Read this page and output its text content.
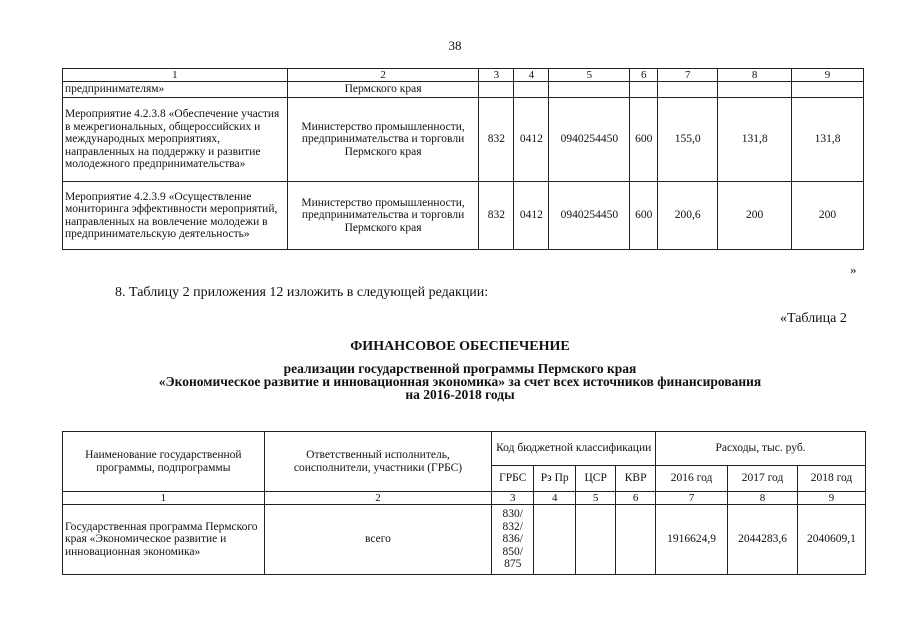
38
1	2	3	4	5	6	7	8	9
предпринимателям»	Пермского края							
Мероприятие 4.2.3.8 «Обеспечение участия в межрегиональных, общероссийских и международных мероприятиях, направленных на поддержку и развитие молодежного предпринимательства»	Министерство промышленности, предпринимательства и торговли Пермского края	832	0412	0940254450	600	155,0	131,8	131,8
Мероприятие 4.2.3.9 «Осуществление мониторинга эффективности мероприятий, направленных на вовлечение молодежи в предпринимательскую деятельность»	Министерство промышленности, предпринимательства и торговли Пермского края	832	0412	0940254450	600	200,6	200	200
»
8. Таблицу 2 приложения 12 изложить в следующей редакции:
«Таблица 2
ФИНАНСОВОЕ ОБЕСПЕЧЕНИЕ
реализации государственной программы Пермского края
«Экономическое развитие и инновационная экономика» за счет всех источников финансирования
на 2016-2018 годы
Наименование государственной программы, подпрограммы	Ответственный исполнитель, соисполнители, участники (ГРБС)	Код бюджетной классификации				Расходы, тыс. руб.		
		ГРБС	Рз Пр	ЦСР	КВР	2016 год	2017 год	2018 год
1	2	3	4	5	6	7	8	9
Государственная программа Пермского края «Экономическое развитие и инновационная экономика»	всего	830/
832/
836/
850/
875				1916624,9	2044283,6	2040609,1
